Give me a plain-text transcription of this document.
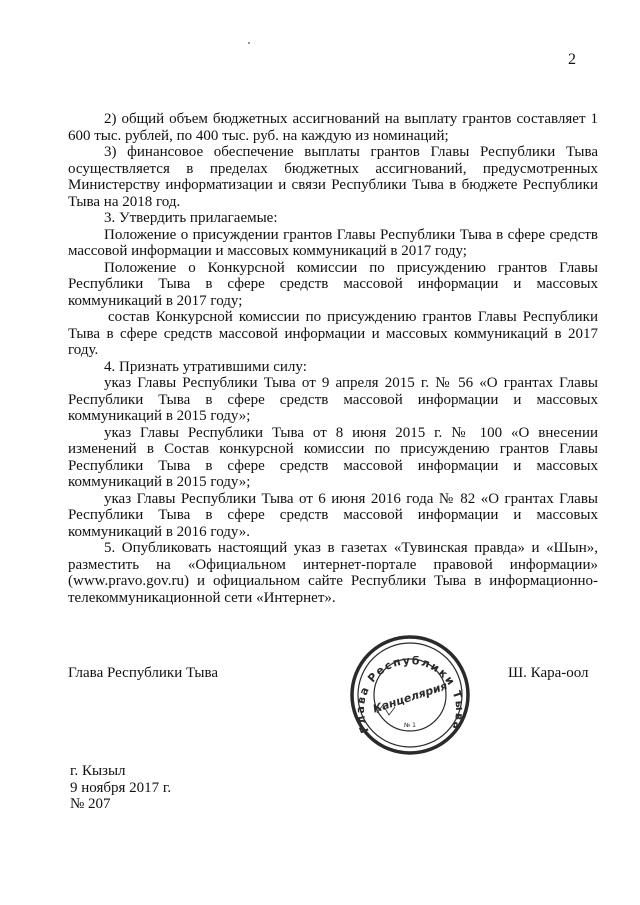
2

2) общий объем бюджетных ассигнований на выплату грантов составляет 1 600 тыс. рублей, по 400 тыс. руб. на каждую из номинаций;

3) финансовое обеспечение выплаты грантов Главы Республики Тыва осуществляется в пределах бюджетных ассигнований, предусмотренных Министерству информатизации и связи Республики Тыва в бюджете Республики Тыва на 2018 год.

3. Утвердить прилагаемые:

Положение о присуждении грантов Главы Республики Тыва в сфере средств массовой информации и массовых коммуникаций в 2017 году;

Положение о Конкурсной комиссии по присуждению грантов Главы Республики Тыва в сфере средств массовой информации и массовых коммуникаций в 2017 году;

состав Конкурсной комиссии по присуждению грантов Главы Республики Тыва в сфере средств массовой информации и массовых коммуникаций в 2017 году.

4. Признать утратившими силу:

указ Главы Республики Тыва от 9 апреля 2015 г. № 56 «О грантах Главы Республики Тыва в сфере средств массовой информации и массовых коммуникаций в 2015 году»;

указ Главы Республики Тыва от 8 июня 2015 г. № 100 «О внесении изменений в Состав конкурсной комиссии по присуждению грантов Главы Республики Тыва в сфере средств массовой информации и массовых коммуникаций в 2015 году»;

указ Главы Республики Тыва от 6 июня 2016 года № 82 «О грантах Главы Республики Тыва в сфере средств массовой информации и массовых коммуникаций в 2016 году».

5. Опубликовать настоящий указ в газетах «Тувинская правда» и «Шын», разместить на «Официальном интернет-портале правовой информации» (www.pravo.gov.ru) и официальном сайте Республики Тыва в информационно-телекоммуникационной сети «Интернет».

Глава Республики Тыва
Глава Республики Тыва
Канцелярия
№ 1
Ш. Кара-оол
г. Кызыл
9 ноября 2017 г.
№ 207
